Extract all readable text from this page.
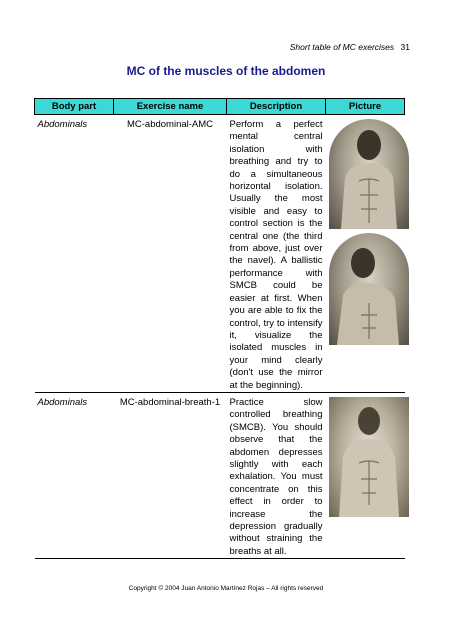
Short table of MC exercises 31
MC of the muscles of the abdomen
Body part	Exercise name	Description	Picture
Abdominals	MC-abdominal-AMC	Perform a perfect mental central isolation with breathing and try to do a simultaneous horizontal isolation. Usually the most visible and easy to control section is the central one (the third from above, just over the navel). A ballistic performance with SMCB could be easier at first. When you are able to fix the control, try to intensify it, visualize the isolated muscles in your mind clearly (don't use the mirror at the beginning).	

Abdominals	MC-abdominal-breath-1	Practice slow controlled breathing (SMCB). You should observe that the abdomen depresses slightly with each exhalation. You must concentrate on this effect in order to increase the depression gradually without straining the breaths at all.	
Copyright © 2004 Juan Antonio Martínez Rojas – All rights reserved
